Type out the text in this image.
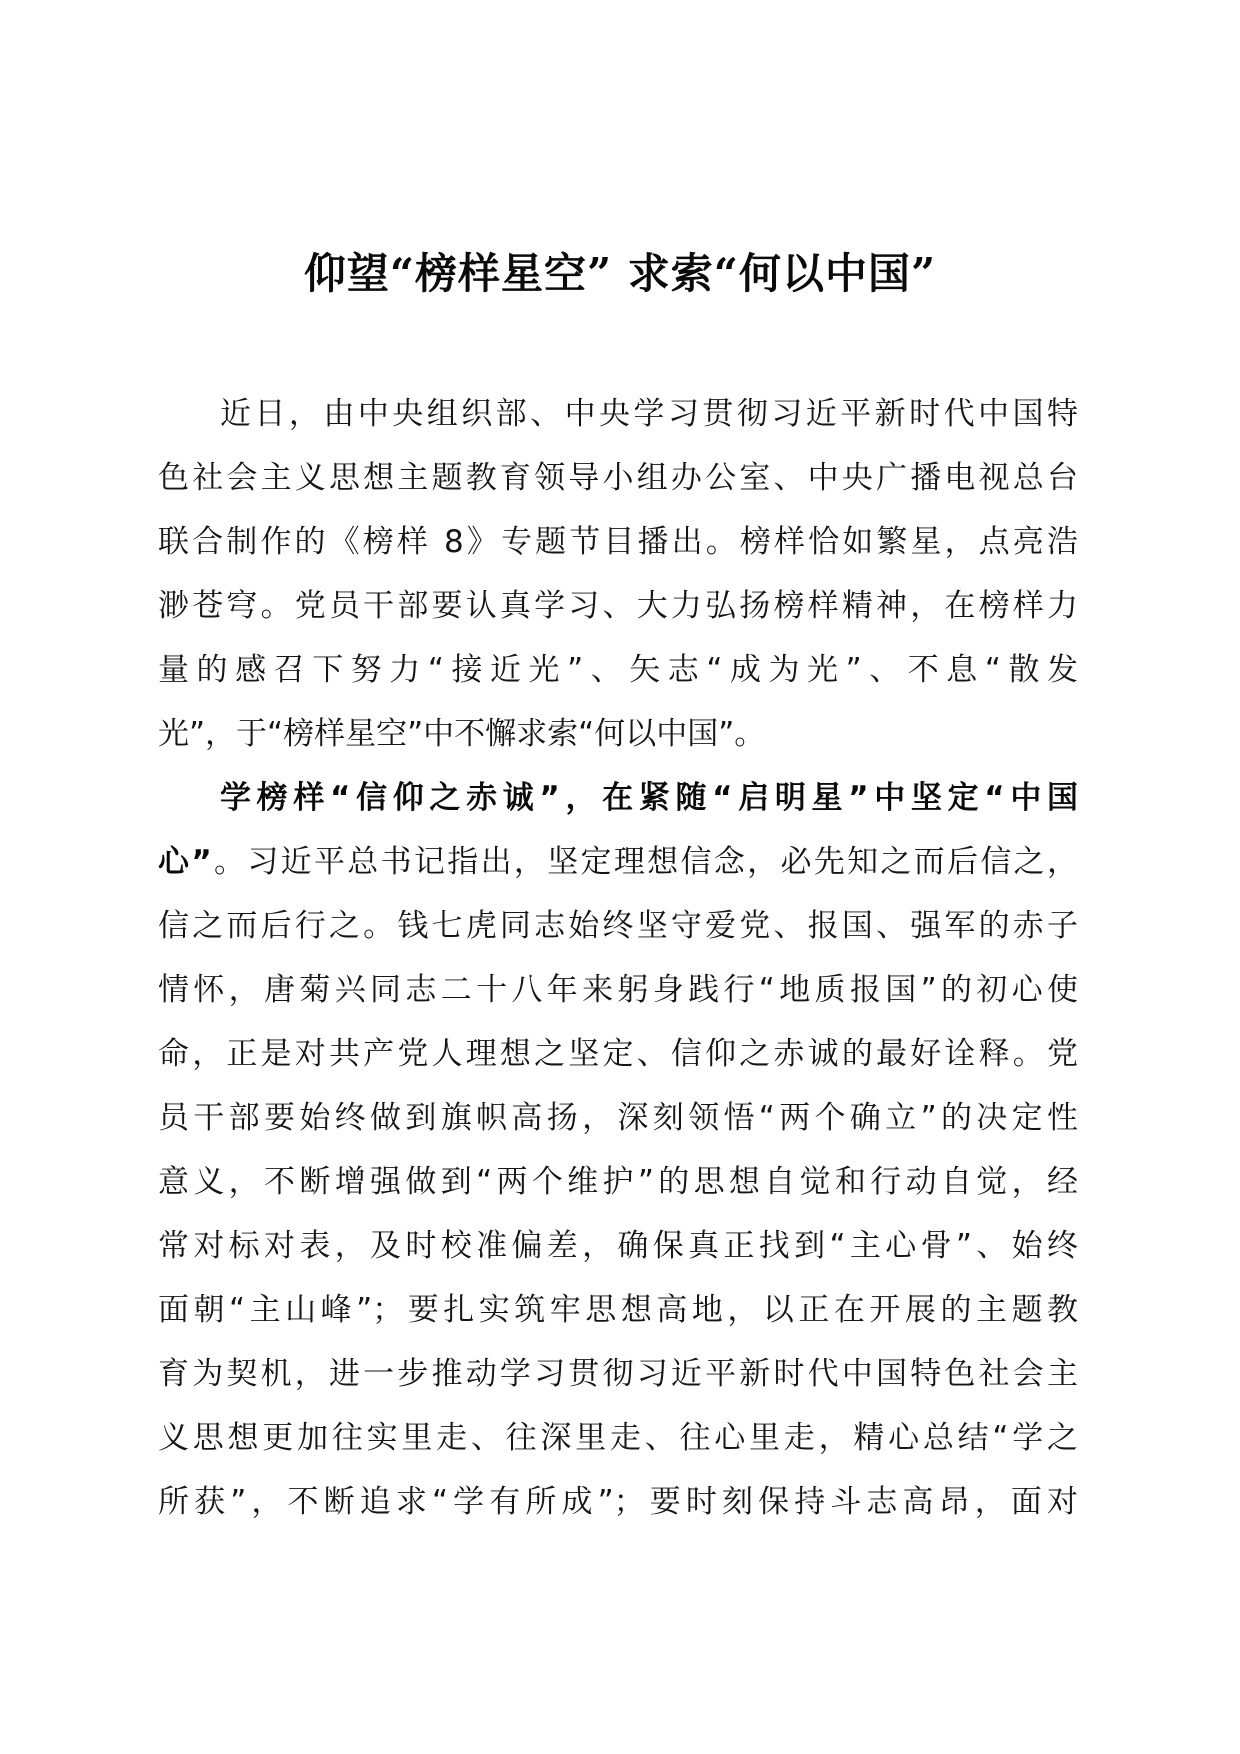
仰望“榜样星空” 求索“何以中国”
近日，由中央组织部、中央学习贯彻习近平新时代中国特
色社会主义思想主题教育领导小组办公室、中央广播电视总台
联合制作的《榜样 8》专题节目播出。榜样恰如繁星，点亮浩
渺苍穹。党员干部要认真学习、大力弘扬榜样精神，在榜样力
量的感召下努力“接近光”、矢志“成为光”、不息“散发
光”，于“榜样星空”中不懈求索“何以中国”。
学榜样“信仰之赤诚”，在紧随“启明星”中坚定“中国
心”。习近平总书记指出，坚定理想信念，必先知之而后信之，
信之而后行之。钱七虎同志始终坚守爱党、报国、强军的赤子
情怀，唐菊兴同志二十八年来躬身践行“地质报国”的初心使
命，正是对共产党人理想之坚定、信仰之赤诚的最好诠释。党
员干部要始终做到旗帜高扬，深刻领悟“两个确立”的决定性
意义，不断增强做到“两个维护”的思想自觉和行动自觉，经
常对标对表，及时校准偏差，确保真正找到“主心骨”、始终
面朝“主山峰”；要扎实筑牢思想高地，以正在开展的主题教
育为契机，进一步推动学习贯彻习近平新时代中国特色社会主
义思想更加往实里走、往深里走、往心里走，精心总结“学之
所获”，不断追求“学有所成”；要时刻保持斗志高昂，面对
